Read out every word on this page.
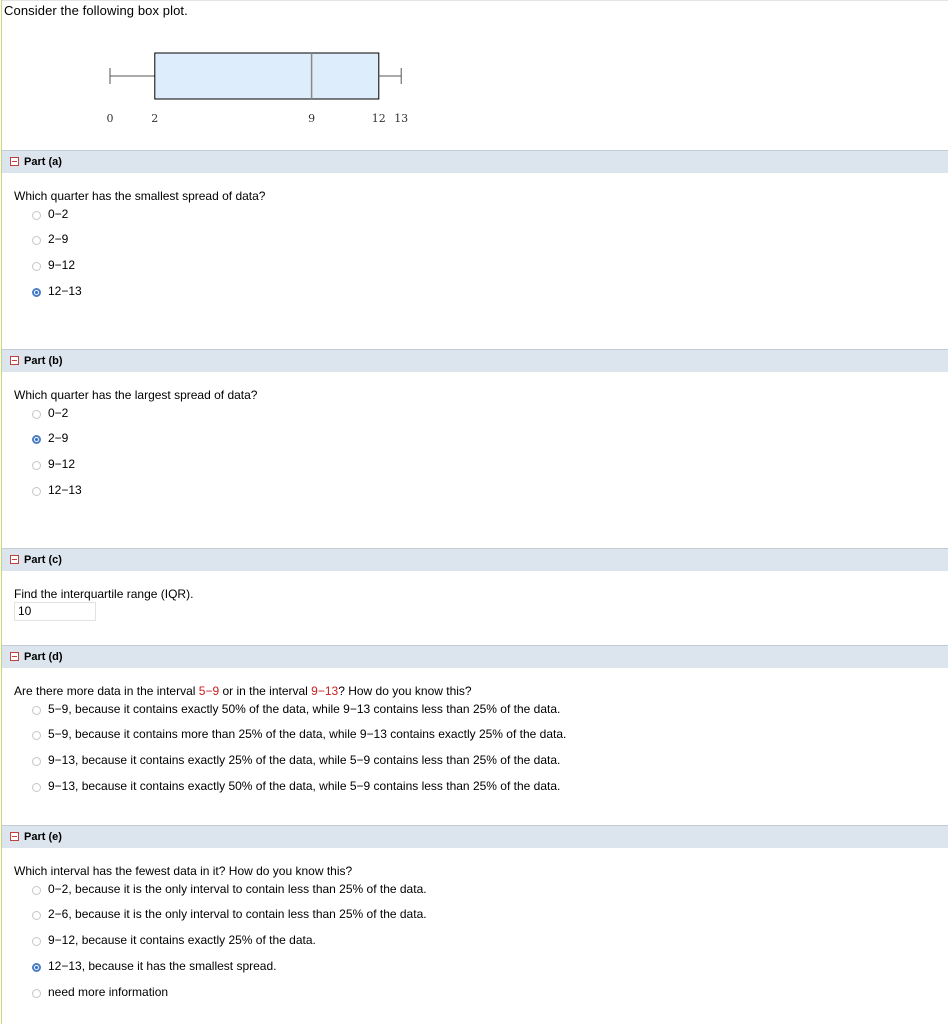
Consider the following box plot.
0	2	9	12 13
Part (a)
Which quarter has the smallest spread of data?
0−2
2−9
9−12
12−13
Part (b)
Which quarter has the largest spread of data?
0−2
2−9
9−12
12−13
Part (c)
Find the interquartile range (IQR).
10
Part (d)
Are there more data in the interval 5−9 or in the interval 9−13? How do you know this?
5−9, because it contains exactly 50% of the data, while 9−13 contains less than 25% of the data.
5−9, because it contains more than 25% of the data, while 9−13 contains exactly 25% of the data.
9−13, because it contains exactly 25% of the data, while 5−9 contains less than 25% of the data.
9−13, because it contains exactly 50% of the data, while 5−9 contains less than 25% of the data.
Part (e)
Which interval has the fewest data in it? How do you know this?
0−2, because it is the only interval to contain less than 25% of the data.
2−6, because it is the only interval to contain less than 25% of the data.
9−12, because it contains exactly 25% of the data.
12−13, because it has the smallest spread.
need more information
